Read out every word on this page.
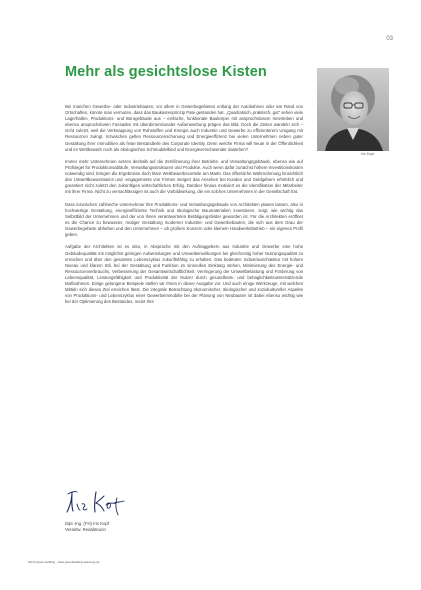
03
Mehr als gesichtslose Kisten
Iris Kopf

Bei manchen Gewerbe- oder Industriebauten, vor allem in Gewerbegebieten entlang der Autobahnen oder am Rand von Ortschaften, könnte man vermuten, dass das Baukastenprinzip Pate gestanden hat. „Quadratisch, praktisch, gut“ sehen viele Lagerhallen, Produktions- und Bürogebäude aus – einfache, funktionale Baukörper mit anspruchslosem Innenleben und ebenso anspruchslosen Fassaden mit überdimensionaler Außenwerbung prägen das Bild. Doch die Zeiten wandeln sich – nicht zuletzt, weil die Verknappung von Rohstoffen und Energie auch Industrie und Gewerbe zu effizienterem Umgang mit Ressourcen zwingt. Inzwischen gelten Ressourcenschonung und Energieeffizienz bei vielen Unternehmen neben guter Gestaltung ihrer Immobilien als feste Bestandteile des Corporate Identity. Denn welche Firma will heute in der Öffentlichkeit und im Wettbewerb noch als ökologisches Schmuddelkind und Energieverschwender dastehen?

Immer mehr Unternehmen setzen deshalb auf die Zertifizierung ihrer Betriebs- und Verwaltungsgebäude, ebenso wie auf Prüfsiegel für Produktionsabläufe, Verwaltungsstrukturen und Produkte. Auch wenn dafür zunächst höhere Investitionskosten notwendig sind, bringen die Ergebnisse doch klare Wettbewerbsvorteile am Markt. Das öffentliche Wahrnehmung hinsichtlich des Umweltbewusstseins und -engagements von Firmen steigert das Ansehen bei Kunden und Geldgebern erheblich und garantiert nicht zuletzt den zukünftigen wirtschaftlichen Erfolg. Darüber hinaus motiviert es die Identifikation der Mitarbeiter mit ihrer Firma. Nicht zu vernachlässigen ist auch die Vorbildwirkung, die ein solches Unternehmen in der Gesellschaft hat.

Dass inzwischen zahlreiche Unternehmer ihre Produktions- und Verwaltungsgebäude von Architekten planen lassen, also in hochwertige Gestaltung, energieeffiziente Technik und ökologische Baumaterialien investieren, zeigt, wie wichtig das Selbstbild der Unternehmen und der von ihnen verantworteten Betätigungsfelder geworden ist. Für die Architekten eröffnet es die Chance zu bewusster, mutiger Gestaltung moderner Industrie- und Gewerbebauten, die sich aus dem Grau der Gewerbegebiete abheben und den Unternehmen – ob großem Konzern oder kleinem Handwerksbetrieb – ein eigenes Profil geben.

Aufgabe der Architekten ist es also, in Absprache mit den Auftraggebern aus Industrie und Gewerbe eine hohe Gebäudequalität mit möglichst geringen Aufwendungen und Umwelteinwirkungen bei gleichzeitig hoher Nutzungsqualität zu erreichen und über den gesamten Lebenszyklus zukunftsfähig zu erhalten. Das bedeutet: Industriearchitektur mit hohem Niveau und klarem Stil, bei der Gestaltung und Funktion im sinnvollen Einklang stehen, Minimierung des Energie- und Ressourcenverbrauchs, Verbesserung der Gesamtwirtschaftlichkeit, Verringerung der Umweltbelastung und Förderung von Lebensqualität, Leistungsfähigkeit und Produktivität der Nutzer durch gesundheits- und behaglichkeitsunterstützende Maßnahmen. Einige gelungene Beispiele stellen wir Ihnen in dieser Ausgabe vor. Und auch einige Werkzeuge, mit welchen Mitteln sich dieses Ziel erreichen lässt. Die integrale Betrachtung ökonomischer, ökologischer und soziokultureller Aspekte von Produktions- und Lebenszyklus einer Gewerbeimmobilie bei der Planung von Neubauten ist dabei ebenso wichtig wie bei der Optimierung des Bestandes, meint Ihre

Dipl.-Ing. (FH) Iris Kopf
Verantw. Redakteurin
01|13 green.building · www.greenbuilding-planning.de
